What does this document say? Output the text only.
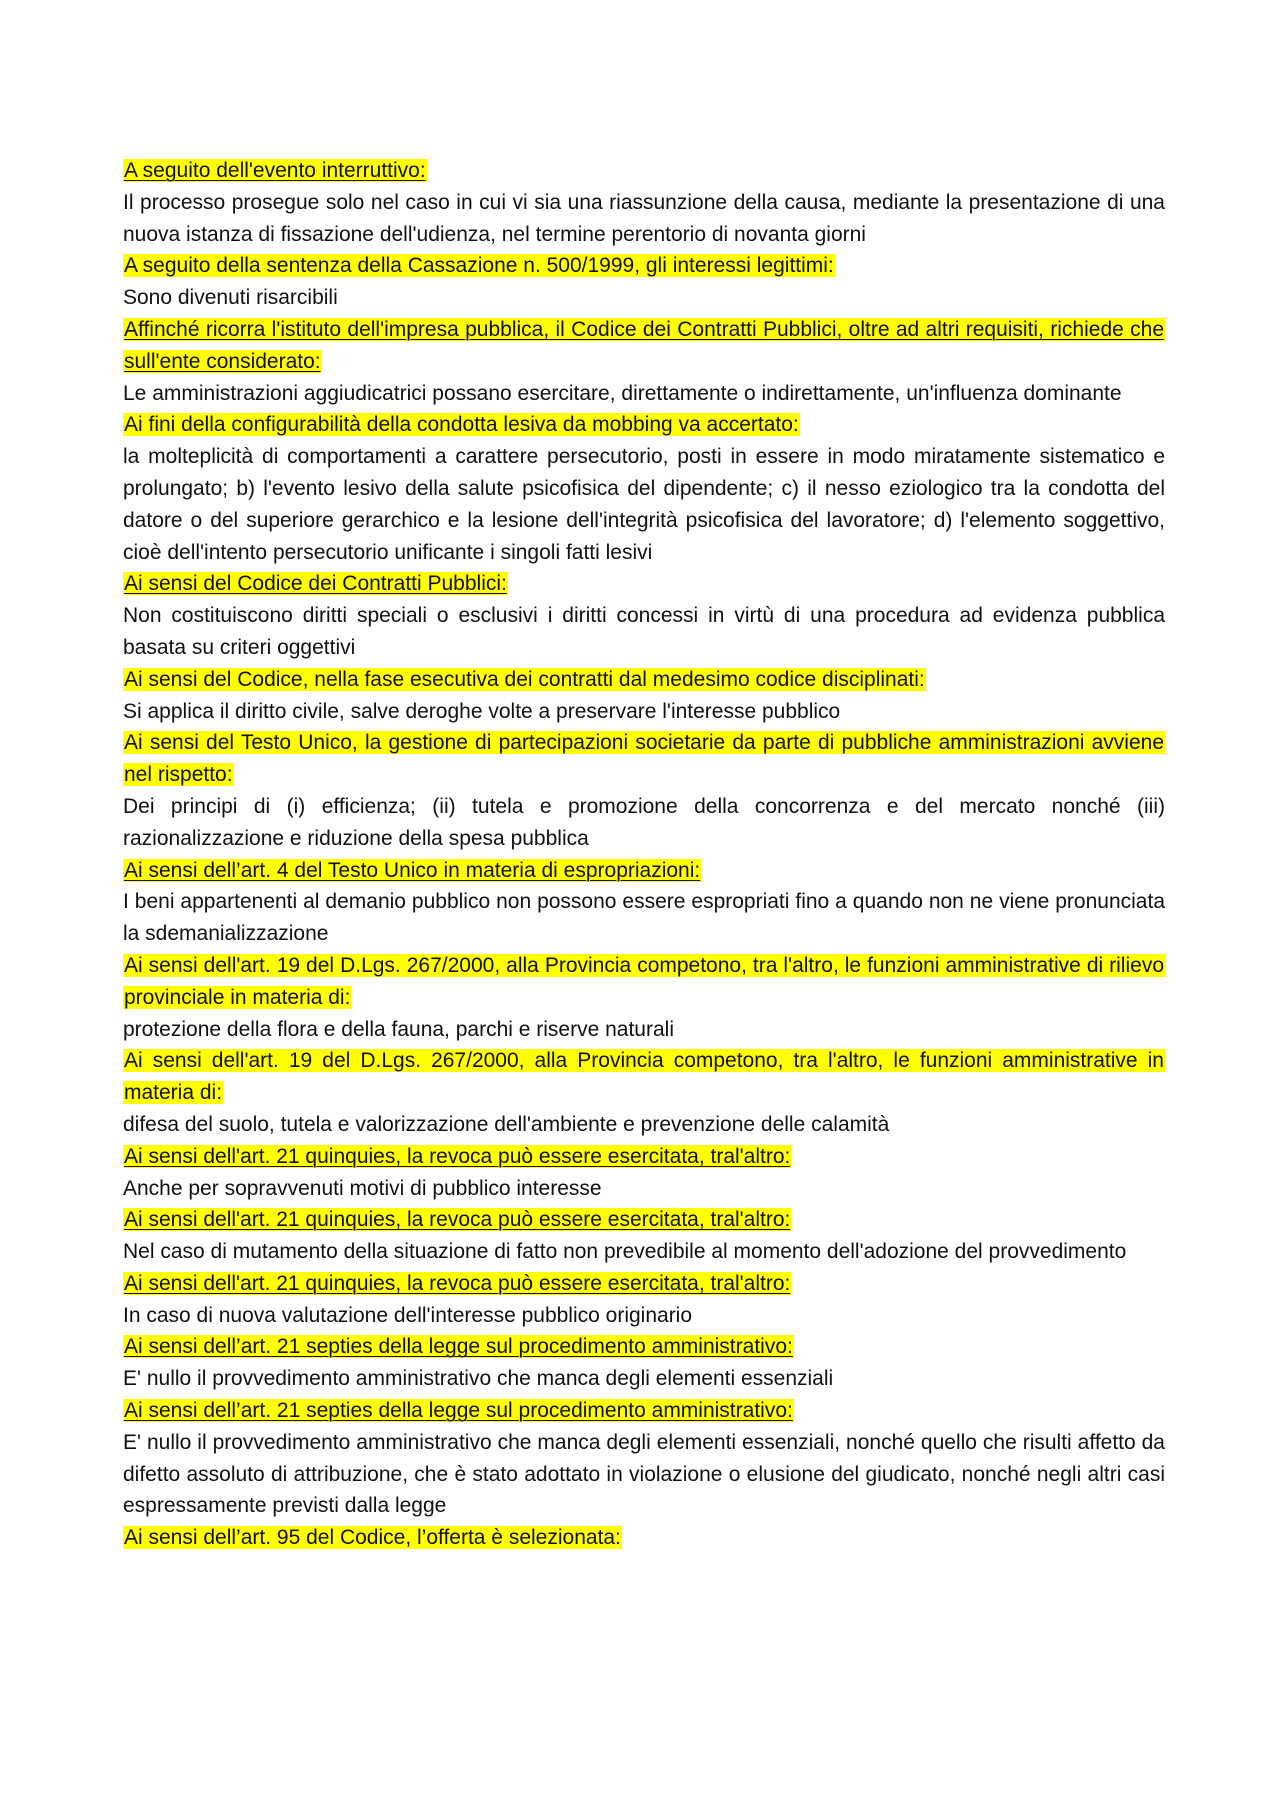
A seguito dell'evento interruttivo:

Il processo prosegue solo nel caso in cui vi sia una riassunzione della causa, mediante la presentazione di una nuova istanza di fissazione dell'udienza, nel termine perentorio di novanta giorni

A seguito della sentenza della Cassazione n. 500/1999, gli interessi legittimi:

Sono divenuti risarcibili

Affinché ricorra l'istituto dell'impresa pubblica, il Codice dei Contratti Pubblici, oltre ad altri requisiti, richiede che sull'ente considerato:

Le amministrazioni aggiudicatrici possano esercitare, direttamente o indirettamente, un'influenza dominante

Ai fini della configurabilità della condotta lesiva da mobbing va accertato:

la molteplicità di comportamenti a carattere persecutorio, posti in essere in modo miratamente sistematico e prolungato; b) l'evento lesivo della salute psicofisica del dipendente; c) il nesso eziologico tra la condotta del datore o del superiore gerarchico e la lesione dell'integrità psicofisica del lavoratore; d) l'elemento soggettivo, cioè dell'intento persecutorio unificante i singoli fatti lesivi

Ai sensi del Codice dei Contratti Pubblici:

Non costituiscono diritti speciali o esclusivi i diritti concessi in virtù di una procedura ad evidenza pubblica basata su criteri oggettivi

Ai sensi del Codice, nella fase esecutiva dei contratti dal medesimo codice disciplinati:

Si applica il diritto civile, salve deroghe volte a preservare l'interesse pubblico

Ai sensi del Testo Unico, la gestione di partecipazioni societarie da parte di pubbliche amministrazioni avviene nel rispetto:

Dei principi di (i) efficienza; (ii) tutela e promozione della concorrenza e del mercato nonché (iii) razionalizzazione e riduzione della spesa pubblica

Ai sensi dell’art. 4 del Testo Unico in materia di espropriazioni:

I beni appartenenti al demanio pubblico non possono essere espropriati fino a quando non ne viene pronunciata la sdemanializzazione

Ai sensi dell'art. 19 del D.Lgs. 267/2000, alla Provincia competono, tra l'altro, le funzioni amministrative di rilievo provinciale in materia di:

protezione della flora e della fauna, parchi e riserve naturali

Ai sensi dell'art. 19 del D.Lgs. 267/2000, alla Provincia competono, tra l'altro, le funzioni amministrative in materia di:

difesa del suolo, tutela e valorizzazione dell'ambiente e prevenzione delle calamità

Ai sensi dell'art. 21 quinquies, la revoca può essere esercitata, tral'altro:

Anche per sopravvenuti motivi di pubblico interesse

Ai sensi dell'art. 21 quinquies, la revoca può essere esercitata, tral'altro:

Nel caso di mutamento della situazione di fatto non prevedibile al momento dell'adozione del provvedimento

Ai sensi dell'art. 21 quinquies, la revoca può essere esercitata, tral'altro:

In caso di nuova valutazione dell'interesse pubblico originario

Ai sensi dell’art. 21 septies della legge sul procedimento amministrativo:

E' nullo il provvedimento amministrativo che manca degli elementi essenziali

Ai sensi dell’art. 21 septies della legge sul procedimento amministrativo:

E' nullo il provvedimento amministrativo che manca degli elementi essenziali, nonché quello che risulti affetto da difetto assoluto di attribuzione, che è stato adottato in violazione o elusione del giudicato, nonché negli altri casi espressamente previsti dalla legge

Ai sensi dell’art. 95 del Codice, l’offerta è selezionata:
